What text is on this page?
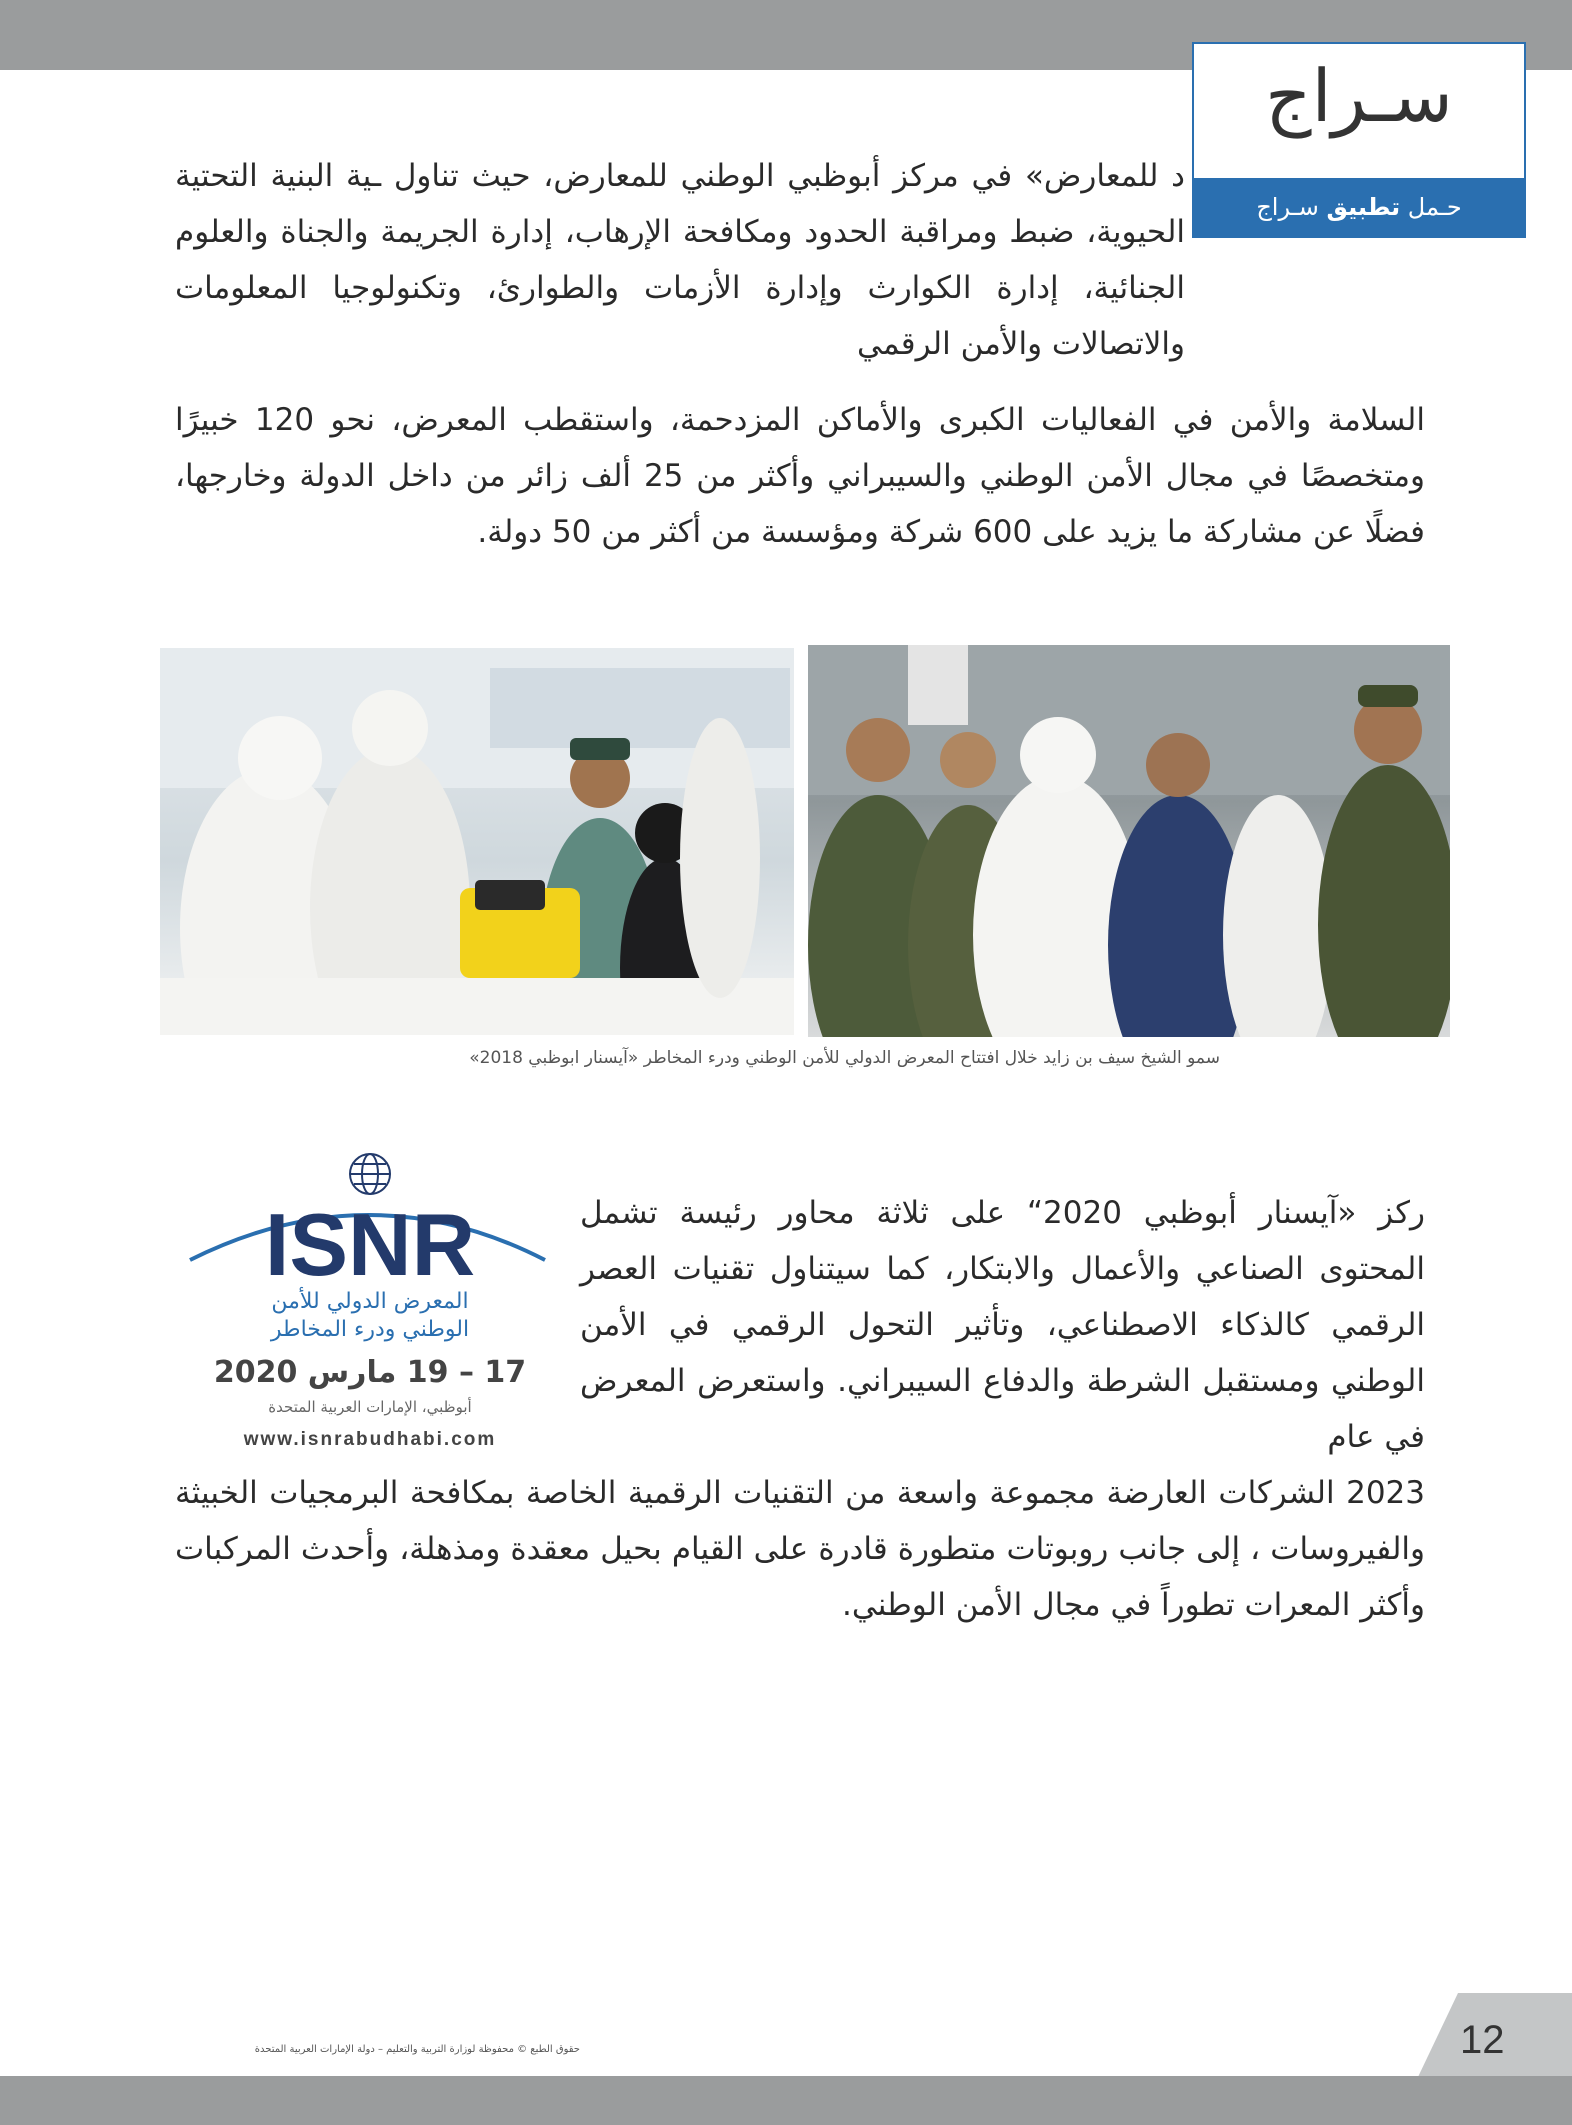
سـراج
حـمل تطبيق سـراج

د للمعارض» في مركز أبوظبي الوطني للمعارض، حيث تناول ـية البنية التحتية الحيوية، ضبط ومراقبة الحدود ومكافحة الإرهاب، إدارة الجريمة والجناة والعلوم الجنائية، إدارة الكوارث وإدارة الأزمات والطوارئ، وتكنولوجيا المعلومات والاتصالات والأمن الرقمي

السلامة والأمن في الفعاليات الكبرى والأماكن المزدحمة، واستقطب المعرض، نحو 120 خبيرًا ومتخصصًا في مجال الأمن الوطني والسيبراني وأكثر من 25 ألف زائر من داخل الدولة وخارجها، فضلًا عن مشاركة ما يزيد على 600 شركة ومؤسسة من أكثر من 50 دولة.

سمو الشيخ سيف بن زايد خلال افتتاح المعرض الدولي للأمن الوطني ودرء المخاطر «آيسنار ابوظبي 2018»
ISNR
المعرض الدولي للأمن
الوطني ودرء المخاطر
17 – 19 مارس 2020
أبوظبي، الإمارات العربية المتحدة
www.isnrabudhabi.com

ركز «آيسنار أبوظبي 2020“ على ثلاثة محاور رئيسة تشمل المحتوى الصناعي والأعمال والابتكار، كما سيتناول تقنيات العصر الرقمي كالذكاء الاصطناعي، وتأثير التحول الرقمي في الأمن الوطني ومستقبل الشرطة والدفاع السيبراني. واستعرض المعرض في عام

2023 الشركات العارضة مجموعة واسعة من التقنيات الرقمية الخاصة بمكافحة البرمجيات الخبيثة والفيروسات ، إلى جانب روبوتات متطورة قادرة على القيام بحيل معقدة ومذهلة، وأحدث المركبات وأكثر المعرات تطوراً في مجال الأمن الوطني.

12
حقوق الطبع © محفوظة لوزارة التربية والتعليم – دولة الإمارات العربية المتحدة
